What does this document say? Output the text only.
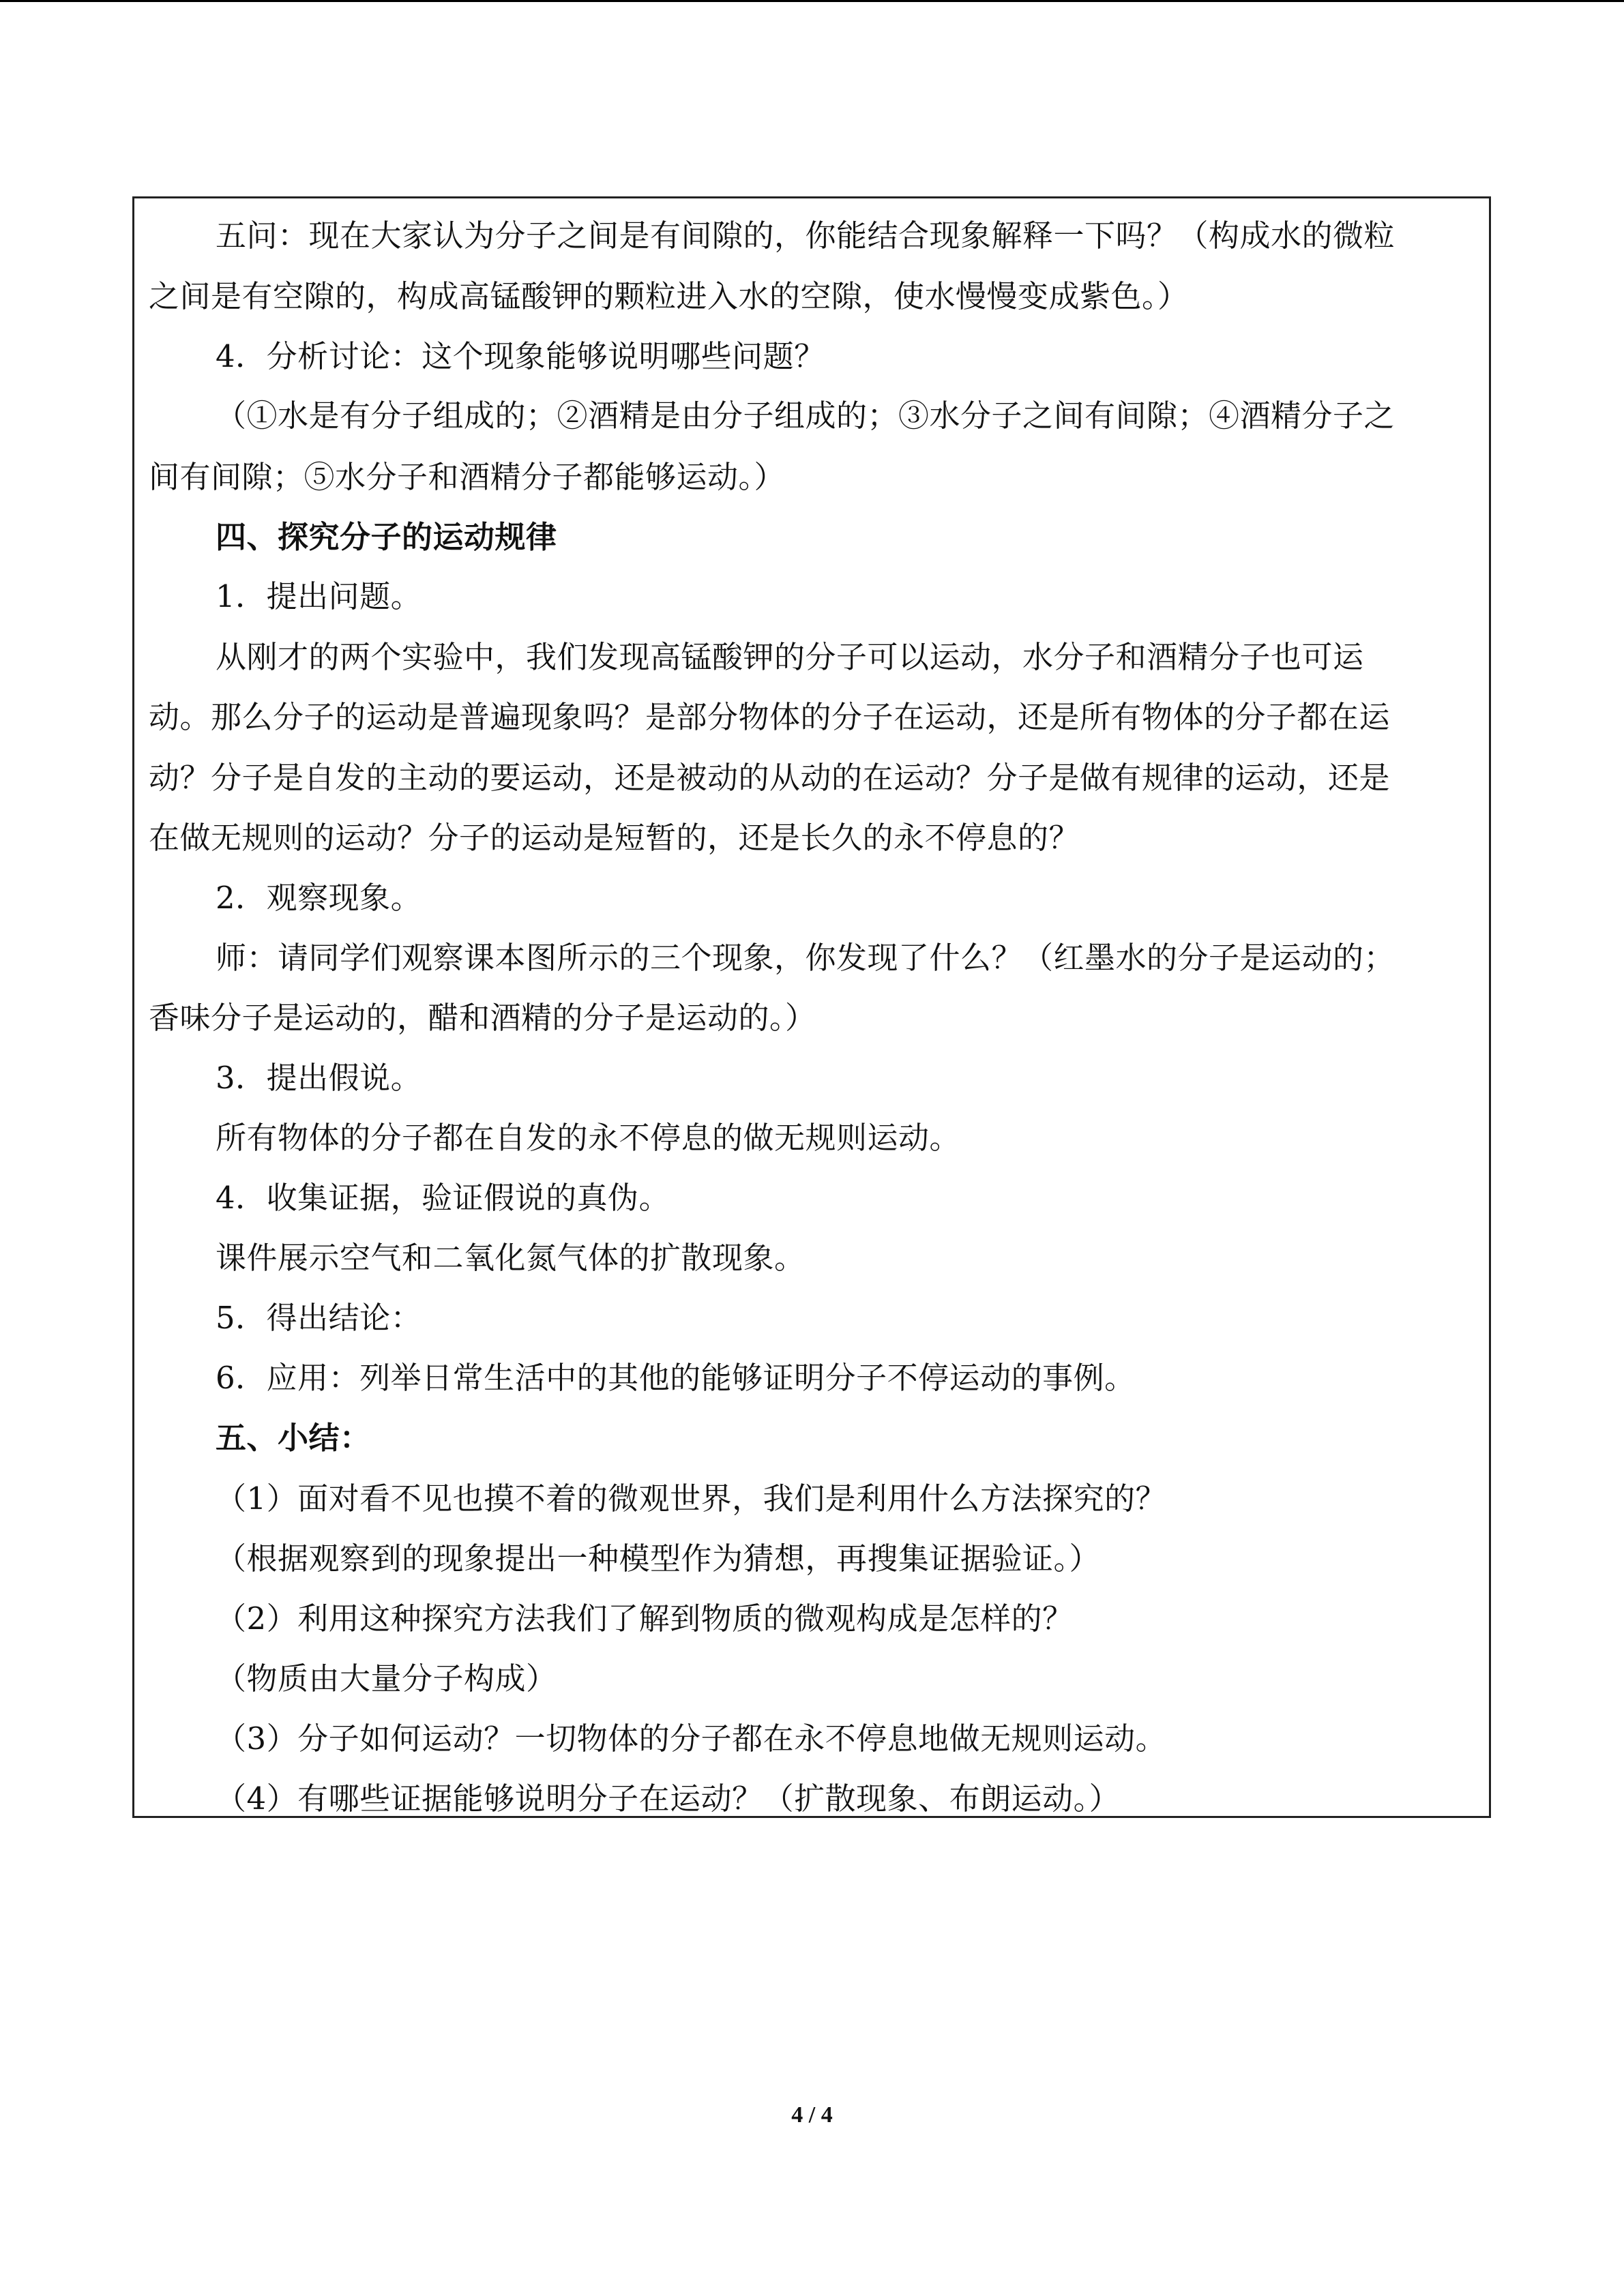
五问：现在大家认为分子之间是有间隙的，你能结合现象解释一下吗？（构成水的微粒
之间是有空隙的，构成高锰酸钾的颗粒进入水的空隙，使水慢慢变成紫色。）
4．分析讨论：这个现象能够说明哪些问题？
（①水是有分子组成的；②酒精是由分子组成的；③水分子之间有间隙；④酒精分子之
间有间隙；⑤水分子和酒精分子都能够运动。）
四、探究分子的运动规律
1．提出问题。
从刚才的两个实验中，我们发现高锰酸钾的分子可以运动，水分子和酒精分子也可运
动。那么分子的运动是普遍现象吗？是部分物体的分子在运动，还是所有物体的分子都在运
动？分子是自发的主动的要运动，还是被动的从动的在运动？分子是做有规律的运动，还是
在做无规则的运动？分子的运动是短暂的，还是长久的永不停息的？
2．观察现象。
师：请同学们观察课本图所示的三个现象，你发现了什么？（红墨水的分子是运动的；
香味分子是运动的，醋和酒精的分子是运动的。）
3．提出假说。
所有物体的分子都在自发的永不停息的做无规则运动。
4．收集证据，验证假说的真伪。
课件展示空气和二氧化氮气体的扩散现象。
5．得出结论：
6．应用：列举日常生活中的其他的能够证明分子不停运动的事例。
五、小结：
（1）面对看不见也摸不着的微观世界，我们是利用什么方法探究的？
（根据观察到的现象提出一种模型作为猜想，再搜集证据验证。）
（2）利用这种探究方法我们了解到物质的微观构成是怎样的？
（物质由大量分子构成）
（3）分子如何运动？一切物体的分子都在永不停息地做无规则运动。
（4）有哪些证据能够说明分子在运动？（扩散现象、布朗运动。）
4 / 4
